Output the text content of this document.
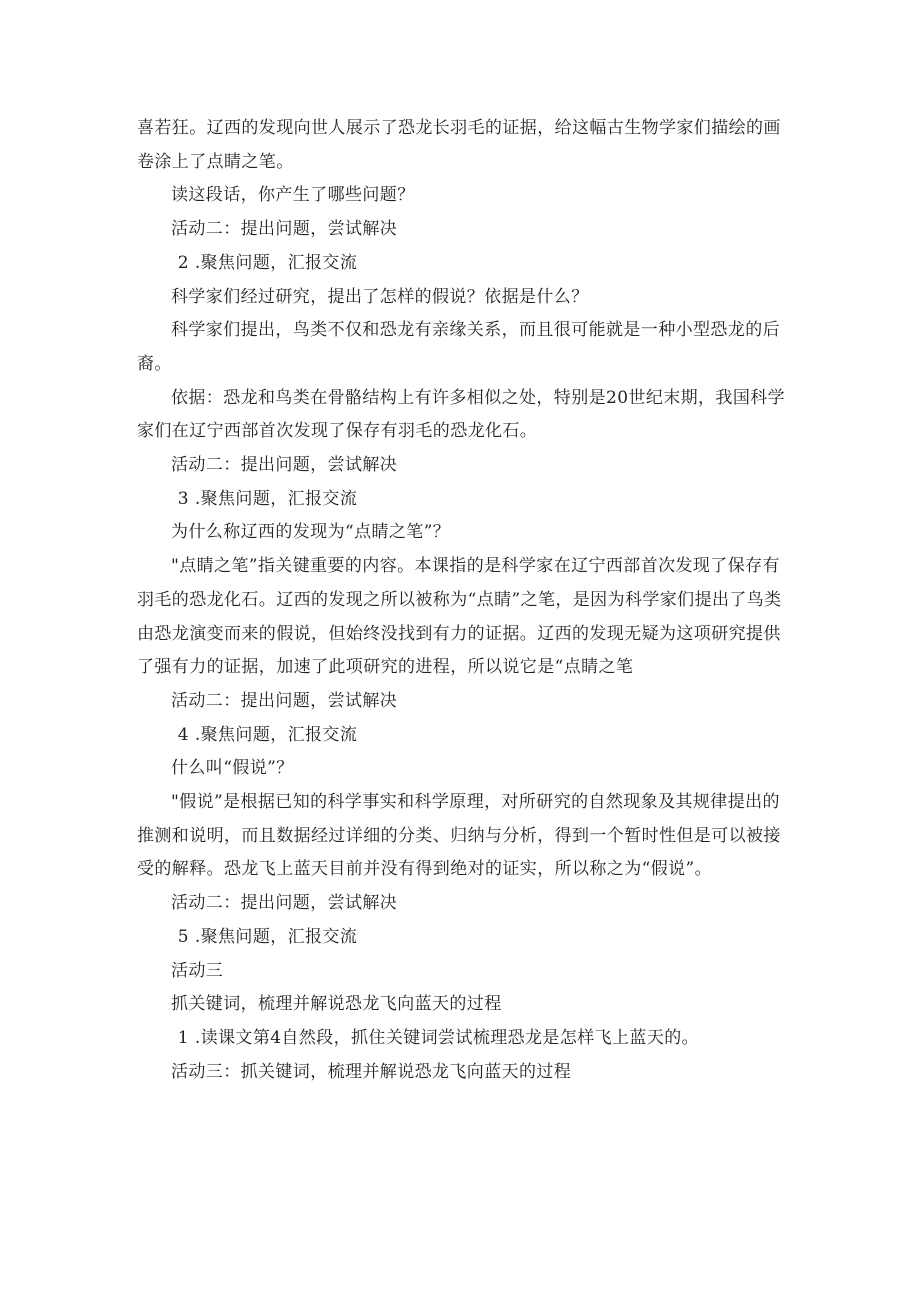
喜若狂。辽西的发现向世人展示了恐龙长羽毛的证据，给这幅古生物学家们描绘的画卷涂上了点睛之笔。

读这段话，你产生了哪些问题？

活动二：提出问题，尝试解决

2 .聚焦问题，汇报交流

科学家们经过研究，提出了怎样的假说？依据是什么？

科学家们提出，鸟类不仅和恐龙有亲缘关系，而且很可能就是一种小型恐龙的后裔。

依据：恐龙和鸟类在骨骼结构上有许多相似之处，特别是20世纪末期，我国科学家们在辽宁西部首次发现了保存有羽毛的恐龙化石。

活动二：提出问题，尝试解决

3 .聚焦问题，汇报交流

为什么称辽西的发现为“点睛之笔”？

"点睛之笔”指关键重要的内容。本课指的是科学家在辽宁西部首次发现了保存有羽毛的恐龙化石。辽西的发现之所以被称为“点睛”之笔，是因为科学家们提出了鸟类由恐龙演变而来的假说，但始终没找到有力的证据。辽西的发现无疑为这项研究提供了强有力的证据，加速了此项研究的进程，所以说它是“点睛之笔

活动二：提出问题，尝试解决

4 .聚焦问题，汇报交流

什么叫“假说”？

"假说”是根据已知的科学事实和科学原理，对所研究的自然现象及其规律提出的推测和说明，而且数据经过详细的分类、归纳与分析，得到一个暂时性但是可以被接受的解释。恐龙飞上蓝天目前并没有得到绝对的证实，所以称之为“假说”。

活动二：提出问题，尝试解决

5 .聚焦问题，汇报交流

活动三

抓关键词，梳理并解说恐龙飞向蓝天的过程

1 .读课文第4自然段，抓住关键词尝试梳理恐龙是怎样飞上蓝天的。

活动三：抓关键词，梳理并解说恐龙飞向蓝天的过程
